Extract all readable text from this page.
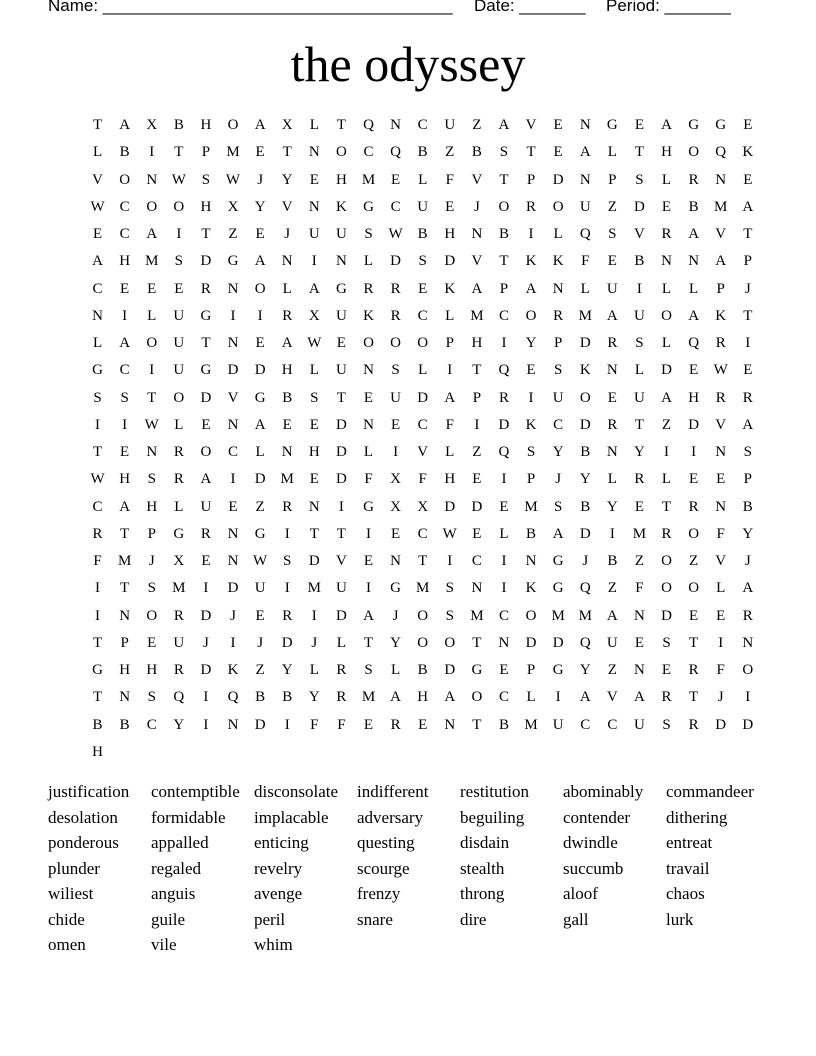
Name: _____________________________________ Date: _______ Period: _______
the odyssey
T	A	X	B	H	O	A	X	L	T	Q	N	C	U	Z	A	V	E	N	G	E	A	G	G	E
L	B	I	T	P	M	E	T	N	O	C	Q	B	Z	B	S	T	E	A	L	T	H	O	Q	K
V	O	N W	S	W	J	Y	E	H	M	E	L	F	V	T	P	D	N	P	S	L	R	N	E
W	C	O	O	H	X	Y	V	N	K	G	C	U	E	J	O	R	O	U	Z	D	E	B	M	A
E	C	A	I	T	Z	E	J	U	U	S	W	B	H	N	B	I	L	Q	S	V	R	A	V	T
A	H	M	S	D	G	A	N	I	N	L	D	S	D	V	T	K	K	F	E	B	N	N	A	P
C	E	E	E	R	N	O	L	A	G	R	R	E	K	A	P	A	N	L	U	I	L	L	P	J
N	I	L	U	G	I	I	R	X	U	K	R	C	L	M	C	O	R	M	A	U	O	A	K	T
L	A	O	U	T	N	E	A W	E	O	O	O	P	H	I	Y	P	D	R	S	L	Q	R	I
G	C	I	U	G	D	D	H	L	U	N	S	L	I	T	Q	E	S	K	N	L	D	E	W	E
S	S	T	O	D	V	G	B	S	T	E	U	D	A	P	R	I	U	O	E	U	A	H	R	R
I	I	W	L	E	N	A	E	E	D	N	E	C	F	I	D	K	C	D	R	T	Z	D	V	A
T	E	N	R	O	C	L	N	H	D	L	I	V	L	Z	Q	S	Y	B	N	Y	I	I	N	S
W H	S	R	A	I	D	M	E	D	F	X	F	H	E	I	P	J	Y	L	R	L	E	E	P
C	A	H	L	U	E	Z	R	N	I	G	X	X	D	D	E	M	S	B	Y	E	T	R	N	B
R	T	P	G	R	N	G	I	T	T	I	E	C	W	E	L	B	A	D	I	M	R	O	F	Y
F	M	J	X	E	N W	S	D	V	E	N	T	I	C	I	N	G	J	B	Z	O	Z	V	J
I	T	S	M	I	D	U	I	M	U	I	G	M	S	N	I	K	G	Q	Z	F	O	O	L	A
I	N	O	R	D	J	E	R	I	D	A	J	O	S	M	C	O	M M	A	N	D	E	E	R
T	P	E	U	J	I	J	D	J	L	T	Y	O	O	T	N	D	D	Q	U	E	S	T	I	N
G	H	H	R	D	K	Z	Y	L	R	S	L	B	D	G	E	P	G	Y	Z	N	E	R	F	O
T	N	S	Q	I	Q	B	B	Y	R	M	A	H	A	O	C	L	I	A	V	A	R	T	J	I
B	B	C	Y	I	N	D	I	F	F	E	R	E	N	T	B	M	U	C	C	U	S	R	D	D
H
justification	contemptible disconsolate	indifferent	restitution	abominably	commandeer
desolation	formidable	implacable	adversary	beguiling	contender	dithering
ponderous	appalled	enticing	questing	disdain	dwindle	entreat
plunder	regaled	revelry	scourge	stealth	succumb	travail
wiliest	anguis	avenge	frenzy	throng	aloof	chaos
chide	guile	peril	snare	dire	gall	lurk
omen	vile	whim
